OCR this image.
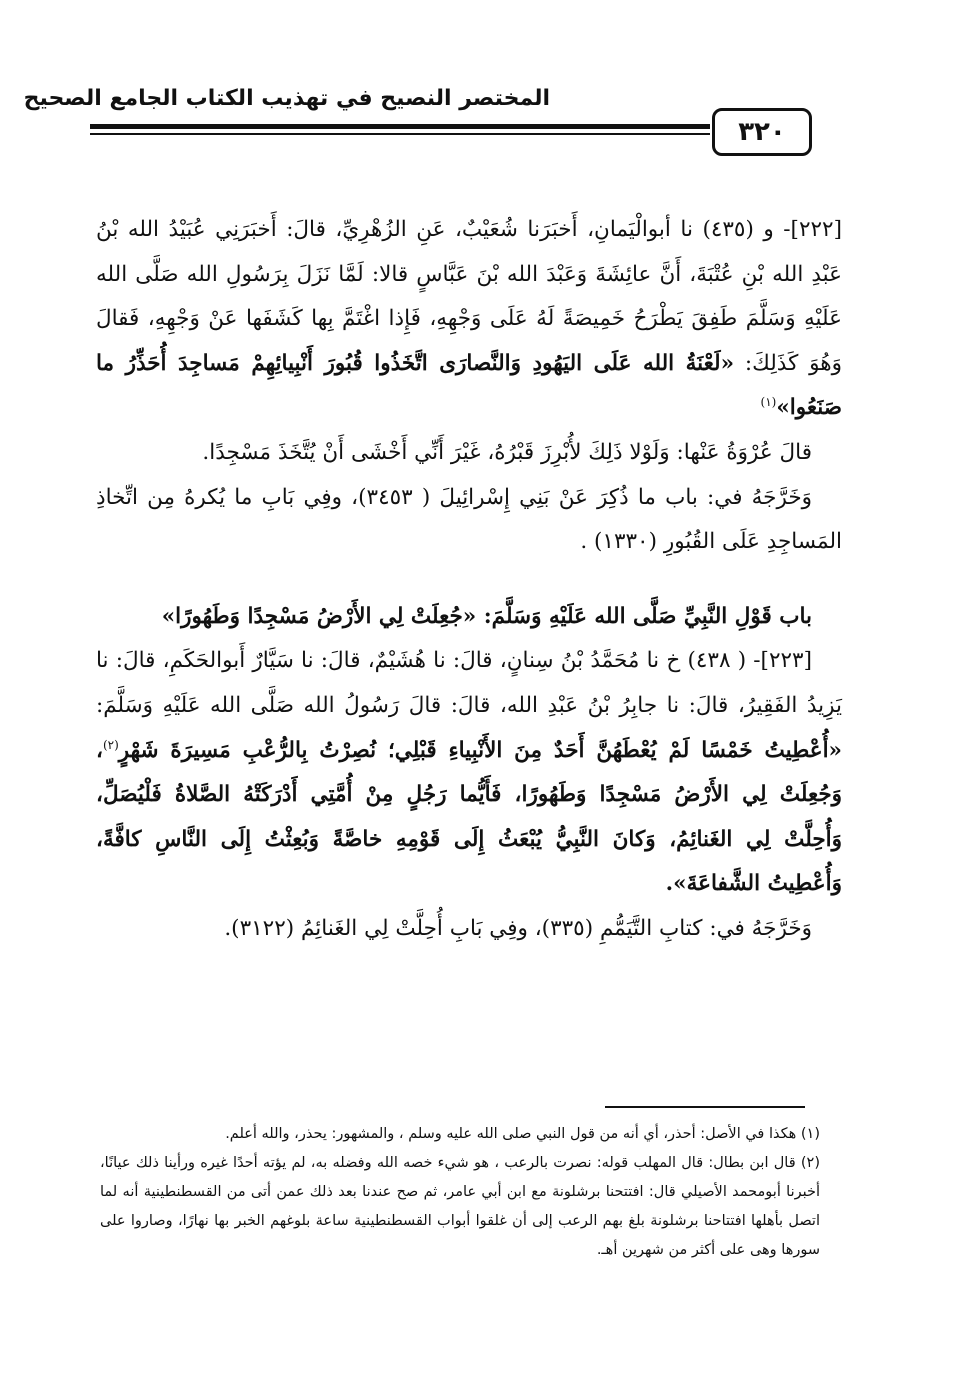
المختصر النصيح في تهذيب الكتاب الجامع الصحيح
٣٢٠

[٢٢٢]- و (٤٣٥) نا أبوالْيَمانِ، أَخبَرَنا شُعَيْبٌ، عَنِ الزُهْرِيِّ، قالَ: أَخبَرَنِي عُبَيْدُ الله بْنُ عَبْدِ الله بْنِ عُتْبَةَ، أَنَّ عائِشَةَ وَعَبْدَ الله بْنَ عَبَّاسٍ قالا: لَمَّا نَزَلَ بِرَسُولِ الله صَلَّى الله عَلَيْهِ وَسَلَّمَ طَفِقَ يَطْرَحُ خَمِيصَةً لَهُ عَلَى وَجْهِهِ، فَإِذا اغْتَمَّ بِها كَشَفَها عَنْ وَجْهِهِ، فَقالَ وَهُوَ كَذَلِكَ: «لَعْنَةُ الله عَلَى اليَهُودِ وَالنَّصارَى اتَّخَذُوا قُبُورَ أَنْبِيائِهِمْ مَساجِدَ أُحَذِّرُ ما صَنَعُوا»$^{(١)}$

قالَ عُرْوَةُ عَنْها: وَلَوْلا ذَلِكَ لأُبْرِزَ قَبْرُهُ، غَيْرَ أَنِّي أَخْشَى أَنْ يُتَّخَذَ مَسْجِدًا.

وَخَرَّجَهُ في: باب ما ذُكِرَ عَنْ بَنِي إِسْرائِيلَ ( ٣٤٥٣)، وفِي بَابِ ما يُكرهُ مِن اتِّخاذِ المَساجِدِ عَلَى القُبُورِ (١٣٣٠) .

باب قَوْلِ النَّبِيِّ صَلَّى الله عَلَيْهِ وَسَلَّمَ: «جُعِلَتْ لِي الأَرْضُ مَسْجِدًا وَطَهُورًا»

[٢٢٣]- ( ٤٣٨) خ نا مُحَمَّدُ بْنُ سِنانٍ، قالَ: نا هُشَيْمٌ، قالَ: نا سَيَّارٌ أَبوالحَكَمِ، قالَ: نا يَزِيدُ الفَقِيرُ، قالَ: نا جابِرُ بْنُ عَبْدِ الله، قالَ: قالَ رَسُولُ الله صَلَّى الله عَلَيْهِ وَسَلَّمَ: «أُعْطِيتُ خَمْسًا لَمْ يُعْطَهُنَّ أَحَدٌ مِنَ الأَنْبِياءِ قَبْلِي؛ نُصِرْتُ بِالرُّعْبِ مَسِيرَةَ شَهْرٍ$^{(٢)}$، وَجُعِلَتْ لِي الأَرْضُ مَسْجِدًا وَطَهُورًا، فَأَيُّما رَجُلٍ مِنْ أُمَّتِي أَدْرَكَتْهُ الصَّلاةُ فَلْيُصَلِّ، وَأُحِلَّتْ لِي الغَنائِمُ، وَكانَ النَّبِيُّ يُبْعَثُ إِلَى قَوْمِهِ خاصَّةً وَبُعِثْتُ إِلَى النَّاسِ كافَّةً، وَأُعْطِيتُ الشَّفاعَةَ».

وَخَرَّجَهُ في: كتابِ التَّيَمُّمِ (٣٣٥)، وفِي بَابِ أُحِلَّتْ لِي الغَنائِمُ (٣١٢٢).

(١) هكذا في الأصل: أحذر، أي أنه من قول النبي صلى الله عليه وسلم ، والمشهور: يحذر، والله أعلم.

(٢) قال ابن بطال: قال المهلب قوله: نصرت بالرعب ، هو شيء خصه الله وفضله به، لم يؤته أحدًا غيره ورأينا ذلك عيانًا، أخبرنا أبومحمد الأصيلي قال: افتتحنا برشلونة مع ابن أبي عامر، ثم صح عندنا بعد ذلك عمن أتى من القسطنطينية أنه لما اتصل بأهلها افتتاحنا برشلونة بلغ بهم الرعب إلى أن غلقوا أبواب القسطنطينية ساعة بلوغهم الخبر بها نهارًا، وصاروا على سورها وهى على أكثر من شهرين أهـ.
